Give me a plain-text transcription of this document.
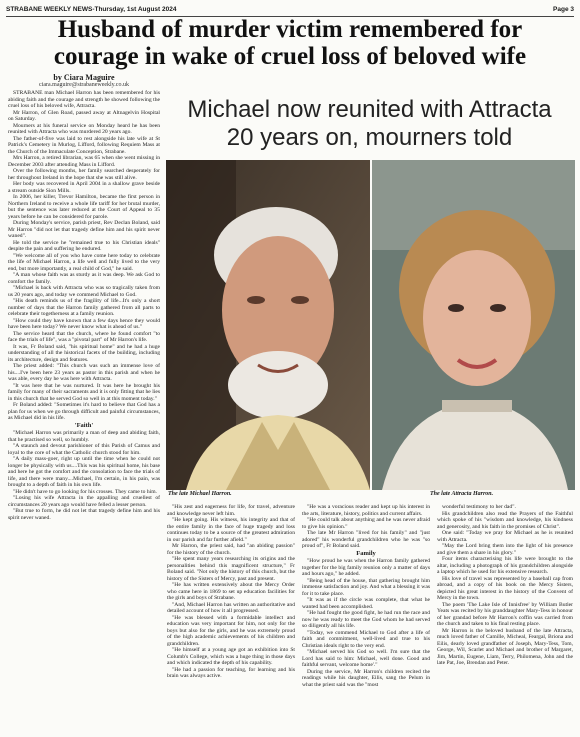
STRABANE WEEKLY NEWS-Thursday, 1st August 2024	Page 3
Husband of murder victim remembered for
courage in wake of cruel loss of beloved wife
by Ciara Maguire
ciara.maguire@strabaneweekly.co.uk
Michael now reunited with Attracta
20 years on, mourners told
The late Michael Harron.	The late Attracta Harron.

STRABANE man Michael Harron has been remembered for his abiding faith and the courage and strength he showed following the cruel loss of his beloved wife, Attracta.

Mr Harron, of Glen Road, passed away at Altnagelvin Hospital on Saturday.

Mourners at his funeral service on Monday heard he has been reunited with Attracta who was murdered 20 years ago.

The father-of-five was laid to rest alongside his late wife at St Patrick's Cemetery in Murlog, Lifford, following Requiem Mass at the Church of the Immaculate Conception, Strabane.

Mrs Harron, a retired librarian, was 65 when she went missing in December 2003 after attending Mass in Lifford.

Over the following months, her family searched desperately for her throughout Ireland in the hope that she was still alive.

Her body was recovered in April 2004 in a shallow grave beside a stream outside Sion Mills.

In 2006, her killer, Trevor Hamilton, became the first person in Northern Ireland to receive a whole life tariff for her brutal murder, but the sentence was later reduced at the Court of Appeal to 35 years before he can be considered for parole.

During Monday's service, parish priest, Rev Declan Boland, said Mr Harron "did not let that tragedy define him and his spirit never waned".

He told the service he "remained true to his Christian ideals" despite the pain and suffering he endured.

"We welcome all of you who have come here today to celebrate the life of Michael Harron, a life well and fully lived to the very end, but more importantly, a real child of God," he said.

"A man whose faith was as sturdy as it was deep. We ask God to comfort the family.

"Michael is back with Attracta who was so tragically taken from us 20 years ago, and today we commend Michael to God.

"His death reminds us of the fragility of life...It's only a short number of days that the Harron family gathered from all parts to celebrate their togetherness at a family reunion.

"How could they have known that a few days hence they would have been here today? We never know what is ahead of us."

The service heard that the church, where he found comfort "to face the trials of life", was a "pivotal part" of Mr Harron's life.

It was, Fr Boland said, "his spiritual home" and he had a huge understanding of all the historical facets of the building, including its architecture, design and features.

The priest added: "This church was such an immense love of his....I've been here 23 years as pastor in this parish and when he was able, every day he was here with Attracta.

"It was here that he was nurtured. It was here he brought his family for many of their sacraments and it is only fitting that he lies in this church that he served God so well in at this moment today."

Fr Boland added: "Sometimes it's hard to believe that God has a plan for us when we go through difficult and painful circumstances, as Michael did in his life.

'Faith'

"Michael Harron was primarily a man of deep and abiding faith, that he practised so well, so humbly.

"A staunch and devout parishioner of this Parish of Camus and loyal to the core of what the Catholic church stood for him.

"A daily mass-goer, right up until the time when he could not longer be physically with us....This was his spiritual home, his base and here he got the comfort and the consolation to face the trials of life, and there were many....Michael, I'm certain, in his pain, was brought to a depth of faith in his own life.

"He didn't have to go looking for his crosses. They came to him.

"Losing his wife Attracta in the appalling and cruellest of circumstances 20 years ago would have felled a lesser person.

"But true to form, he did not let that tragedy define him and his spirit never waned.

"His zest and eagerness for life, for travel, adventure and knowledge never left him.

"He kept going. His witness, his integrity and that of the entire family in the face of huge tragedy and loss continues today to be a source of the greatest admiration in our parish and far further afield."

Mr Harron, the priest said, had "an abiding passion" for the history of the church.

"He spent many years researching its origins and the personalities behind this magnificent structure," Fr Boland said. "Not only the history of this church, but the history of the Sisters of Mercy, past and present.

"He has written extensively about the Mercy Order who came here in 1869 to set up education facilities for the girls and boys of Strabane.

"And, Michael Harron has written an authoritative and detailed account of how it all progressed.

"He was blessed with a formidable intellect and education was very important for him, not only for the boys but also for the girls, and he was extremely proud of the high academic achievements of his children and grandchildren.

"He himself at a young age got an exhibition into St Columb's College, which was a huge thing in those days and which indicated the depth of his capability.

"He had a passion for teaching, for learning and his brain was always active.

"He was a voracious reader and kept up his interest in the arts, literature, history, politics and current affairs.

"He could talk about anything and he was never afraid to give his opinion."

The late Mr Harron "lived for his family" and "just adored" his wonderful grandchildren who he was "so proud of", Fr Boland said.

Family

"How proud he was when the Harron family gathered together for the big family reunion only a matter of days and hours ago," he added.

"Being head of the house, that gathering brought him immense satisfaction and joy. And what a blessing it was for it to take place.

"It was as if the circle was complete, that what he wanted had been accomplished.

"He had fought the good fight, he had run the race and now he was ready to meet the God whom he had served so diligently all his life.

"Today, we commend Michael to God after a life of faith and commitment, well-lived and true to his Christian ideals right to the very end.

"Michael served his God so well. I'm sure that the Lord has said to him: Michael, well done. Good and faithful servant, welcome home'."

During the service, Mr Harron's children recited the readings while his daughter, Eilis, sang the Pelum in what the priest said was the "most

wonderful testimony to her dad".

His grandchildren also read the Prayers of the Faithful which spoke of his "wisdom and knowledge, his kindness and generosity, and his faith in the promises of Christ".

One said: "Today we pray for Michael as he is reunited with Attracta.

"May the Lord bring them into the light of his presence and give them a share in his glory."

Four items characterising his life were brought to the altar, including a photograph of his grandchildren alongside a laptop which he used for his extensive research.

His love of travel was represented by a baseball cap from abroad, and a copy of his book on the Mercy Sisters, depicted his great interest in the history of the Convent of Mercy in the town.

The poem 'The Lake Isle of Innisfree' by William Butler Yeats was recited by his granddaughter Mary-Tess in honour of her grandad before Mr Harron's coffin was carried from the church and taken to his final resting place.

Mr Harron is the beloved husband of the late Attracta, much loved father of Camille, Micheal, Feargal, Briona and Eilis, dearly loved grandfather of Joseph, Mary-Tess, Tom, George, Wil, Scarlet and Michael and brother of Margaret, Jim, Martin, Eugene, Liam, Terry, Philomena, John and the late Pat, Joe, Brendan and Peter.
